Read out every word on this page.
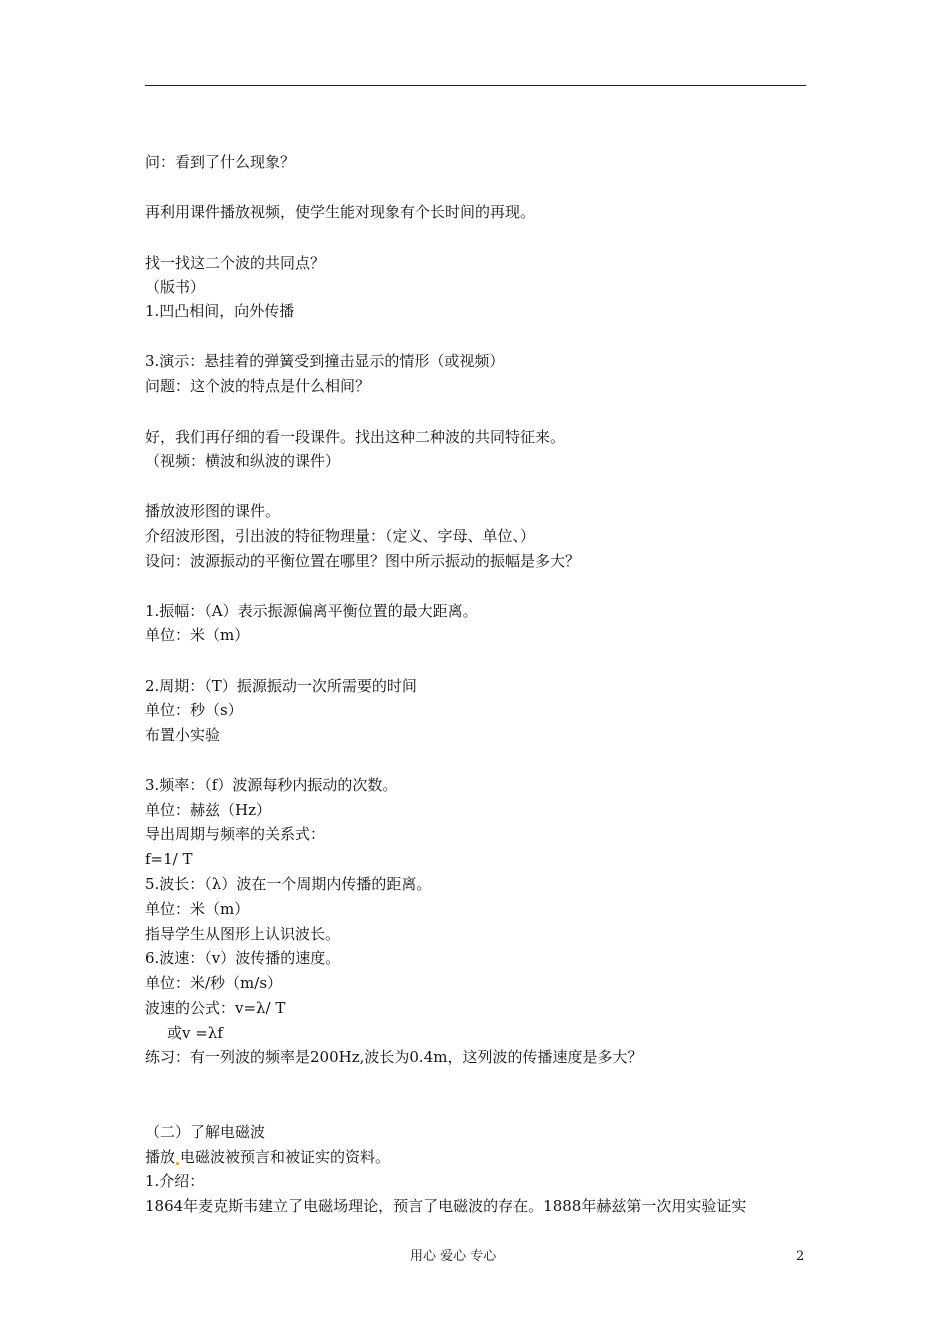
问：看到了什么现象？
再利用课件播放视频，使学生能对现象有个长时间的再现。
找一找这二个波的共同点？
（版书）
1.凹凸相间，向外传播
3.演示：悬挂着的弹簧受到撞击显示的情形（或视频）
问题：这个波的特点是什么相间？
好，我们再仔细的看一段课件。找出这种二种波的共同特征来。
（视频：横波和纵波的课件）
播放波形图的课件。
介绍波形图，引出波的特征物理量：（定义、字母、单位、）
设问：波源振动的平衡位置在哪里？图中所示振动的振幅是多大？
1.振幅：（A）表示振源偏离平衡位置的最大距离。
单位：米（m）
2.周期：（T）振源振动一次所需要的时间
单位：秒（s）
布置小实验
3.频率：（f）波源每秒内振动的次数。
单位：赫兹（Hz）
导出周期与频率的关系式：
f=1/ T
5.波长：（λ）波在一个周期内传播的距离。
单位：米（m）
指导学生从图形上认识波长。
6.波速：（v）波传播的速度。
单位：米/秒（m/s）
波速的公式：v=λ/ T
或v =λf
练习：有一列波的频率是200Hz,波长为0.4m，这列波的传播速度是多大？
（二）了解电磁波
播放 电磁波被预言和被证实的资料。
1.介绍：
1864年麦克斯韦建立了电磁场理论，预言了电磁波的存在。1888年赫兹第一次用实验证实
用心 爱心 专心	2
